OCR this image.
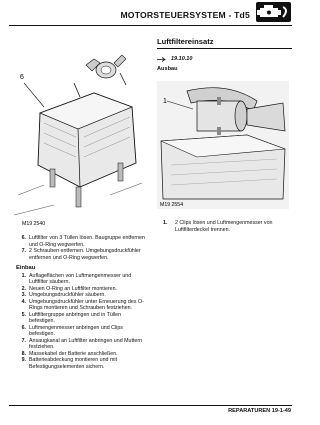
MOTORSTEUERSYSTEM - Td5
6
M19 2540
6. Luftfilter von 3 Tüllen lösen. Baugruppe entfernen und O-Ring wegwerfen.
7. 2 Schrauben entfernen. Umgebungsdruckfühler entfernen und O-Ring wegwerfen.
Einbau
1. Auflageflächen von Luftmengenmesser und Luftfilter säubern.
2. Neuen O-Ring an Luftfilter montieren.
3. Umgebungsdruckfühler säubern.
4. Umgebungsdruckfühler unter Erneuerung des O-Rings montieren und Schrauben festziehen.
5. Luftfiltergruppe anbringen und in Tüllen befestigen.
6. Luftmengenmesser anbringen und Clips befestigen.
7. Ansaugkanal an Luftfilter anbringen und Muttern festziehen.
8. Massekabel der Batterie anschließen.
9. Batterieabdeckung montieren und mit Befestigungselementen sichern.
Luftfiltereinsatz
19.10.10
Ausbau
1
M19 2554
1.	2 Clips lösen und Luftmengenmesser von Luftfilterdeckel trennen.
REPARATUREN 19-1-49
